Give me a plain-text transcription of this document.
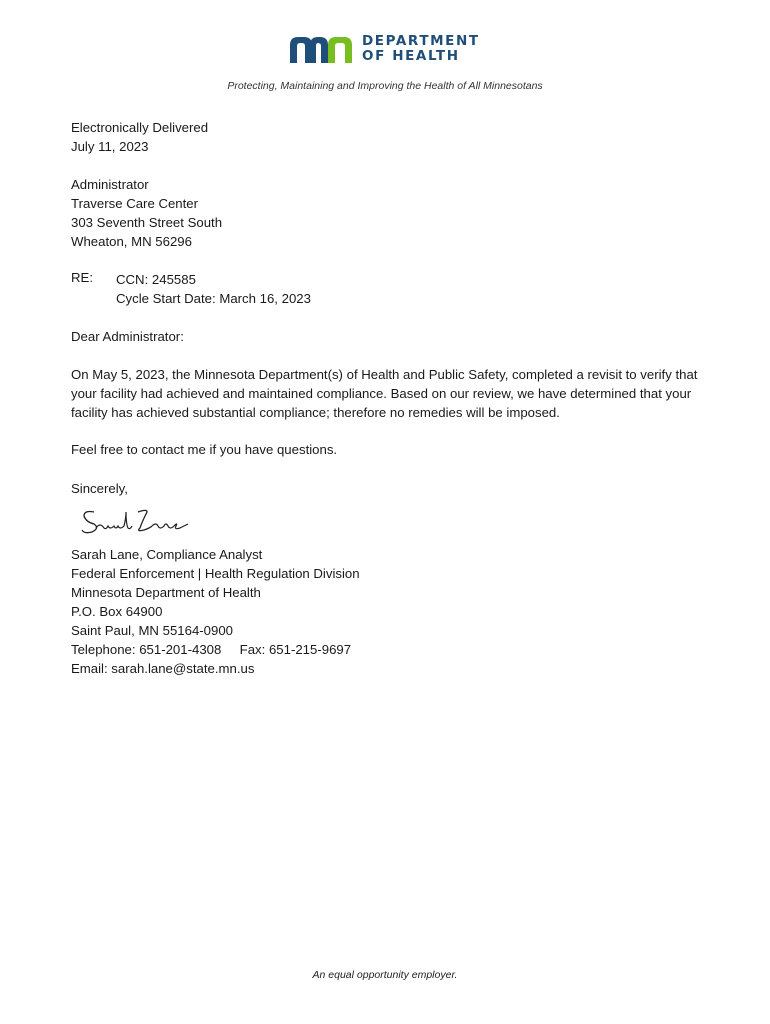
DEPARTMENT
OF HEALTH
Protecting, Maintaining and Improving the Health of All Minnesotans
Electronically Delivered
July 11, 2023
Administrator
Traverse Care Center
303 Seventh Street South
Wheaton, MN 56296
RE: CCN: 245585
Cycle Start Date: March 16, 2023
Dear Administrator:
On May 5, 2023, the Minnesota Department(s) of Health and Public Safety, completed a revisit to verify that your facility had achieved and maintained compliance. Based on our review, we have determined that your facility has achieved substantial compliance; therefore no remedies will be imposed.
Feel free to contact me if you have questions.
Sincerely,
Sarah Lane, Compliance Analyst
Federal Enforcement | Health Regulation Division
Minnesota Department of Health
P.O. Box 64900
Saint Paul, MN 55164-0900
Telephone: 651-201-4308     Fax: 651-215-9697
Email: sarah.lane@state.mn.us
An equal opportunity employer.
